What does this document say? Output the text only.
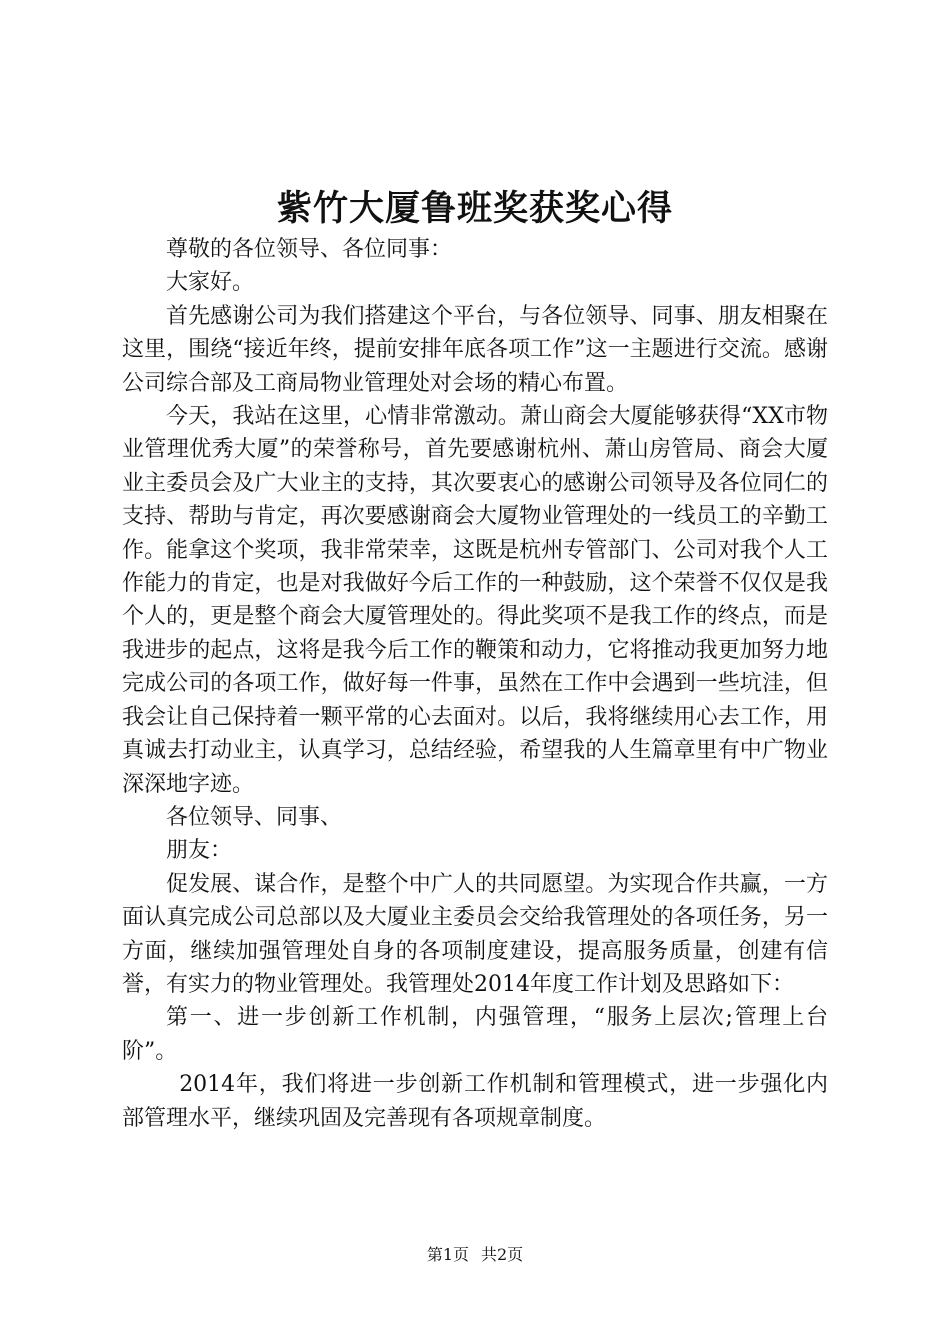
紫竹大厦鲁班奖获奖心得

尊敬的各位领导、各位同事：

大家好。

首先感谢公司为我们搭建这个平台，与各位领导、同事、朋友相聚在这里，围绕“接近年终，提前安排年底各项工作”这一主题进行交流。感谢公司综合部及工商局物业管理处对会场的精心布置。

今天，我站在这里，心情非常激动。萧山商会大厦能够获得“XX市物业管理优秀大厦”的荣誉称号，首先要感谢杭州、萧山房管局、商会大厦业主委员会及广大业主的支持，其次要衷心的感谢公司领导及各位同仁的支持、帮助与肯定，再次要感谢商会大厦物业管理处的一线员工的辛勤工作。能拿这个奖项，我非常荣幸，这既是杭州专管部门、公司对我个人工作能力的肯定，也是对我做好今后工作的一种鼓励，这个荣誉不仅仅是我个人的，更是整个商会大厦管理处的。得此奖项不是我工作的终点，而是我进步的起点，这将是我今后工作的鞭策和动力，它将推动我更加努力地完成公司的各项工作，做好每一件事，虽然在工作中会遇到一些坑洼，但我会让自己保持着一颗平常的心去面对。以后，我将继续用心去工作，用真诚去打动业主，认真学习，总结经验，希望我的人生篇章里有中广物业深深地字迹。

各位领导、同事、

朋友：

促发展、谋合作，是整个中广人的共同愿望。为实现合作共赢，一方面认真完成公司总部以及大厦业主委员会交给我管理处的各项任务，另一方面，继续加强管理处自身的各项制度建设，提高服务质量，创建有信誉，有实力的物业管理处。我管理处2014年度工作计划及思路如下：

第一、进一步创新工作机制，内强管理，“服务上层次;管理上台阶”。

2014年，我们将进一步创新工作机制和管理模式，进一步强化内部管理水平，继续巩固及完善现有各项规章制度。

第1页 共2页
